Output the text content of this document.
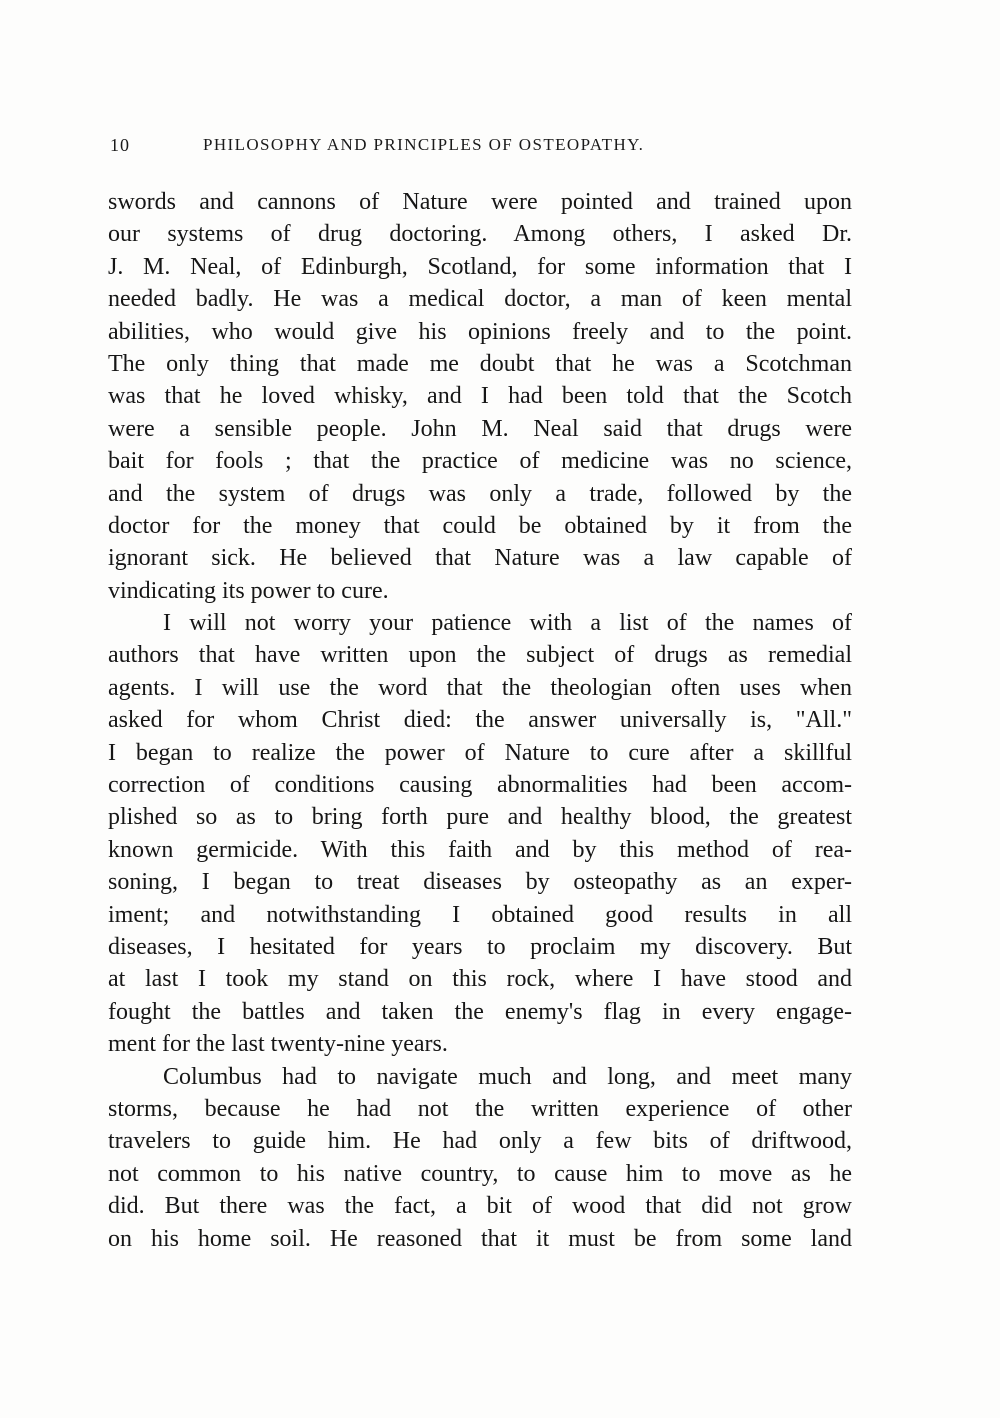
10	PHILOSOPHY AND PRINCIPLES OF OSTEOPATHY.
swords and cannons of Nature were pointed and trained upon
our systems of drug doctoring. Among others, I asked Dr.
J. M. Neal, of Edinburgh, Scotland, for some information that I
needed badly. He was a medical doctor, a man of keen mental
abilities, who would give his opinions freely and to the point.
The only thing that made me doubt that he was a Scotchman
was that he loved whisky, and I had been told that the Scotch
were a sensible people. John M. Neal said that drugs were
bait for fools ; that the practice of medicine was no science,
and the system of drugs was only a trade, followed by the
doctor for the money that could be obtained by it from the
ignorant sick. He believed that Nature was a law capable of
vindicating its power to cure.
I will not worry your patience with a list of the names of
authors that have written upon the subject of drugs as remedial
agents. I will use the word that the theologian often uses when
asked for whom Christ died: the answer universally is, "All."
I began to realize the power of Nature to cure after a skillful
correction of conditions causing abnormalities had been accom-
plished so as to bring forth pure and healthy blood, the greatest
known germicide. With this faith and by this method of rea-
soning, I began to treat diseases by osteopathy as an exper-
iment; and notwithstanding I obtained good results in all
diseases, I hesitated for years to proclaim my discovery. But
at last I took my stand on this rock, where I have stood and
fought the battles and taken the enemy's flag in every engage-
ment for the last twenty-nine years.
Columbus had to navigate much and long, and meet many
storms, because he had not the written experience of other
travelers to guide him. He had only a few bits of driftwood,
not common to his native country, to cause him to move as he
did. But there was the fact, a bit of wood that did not grow
on his home soil. He reasoned that it must be from some land
